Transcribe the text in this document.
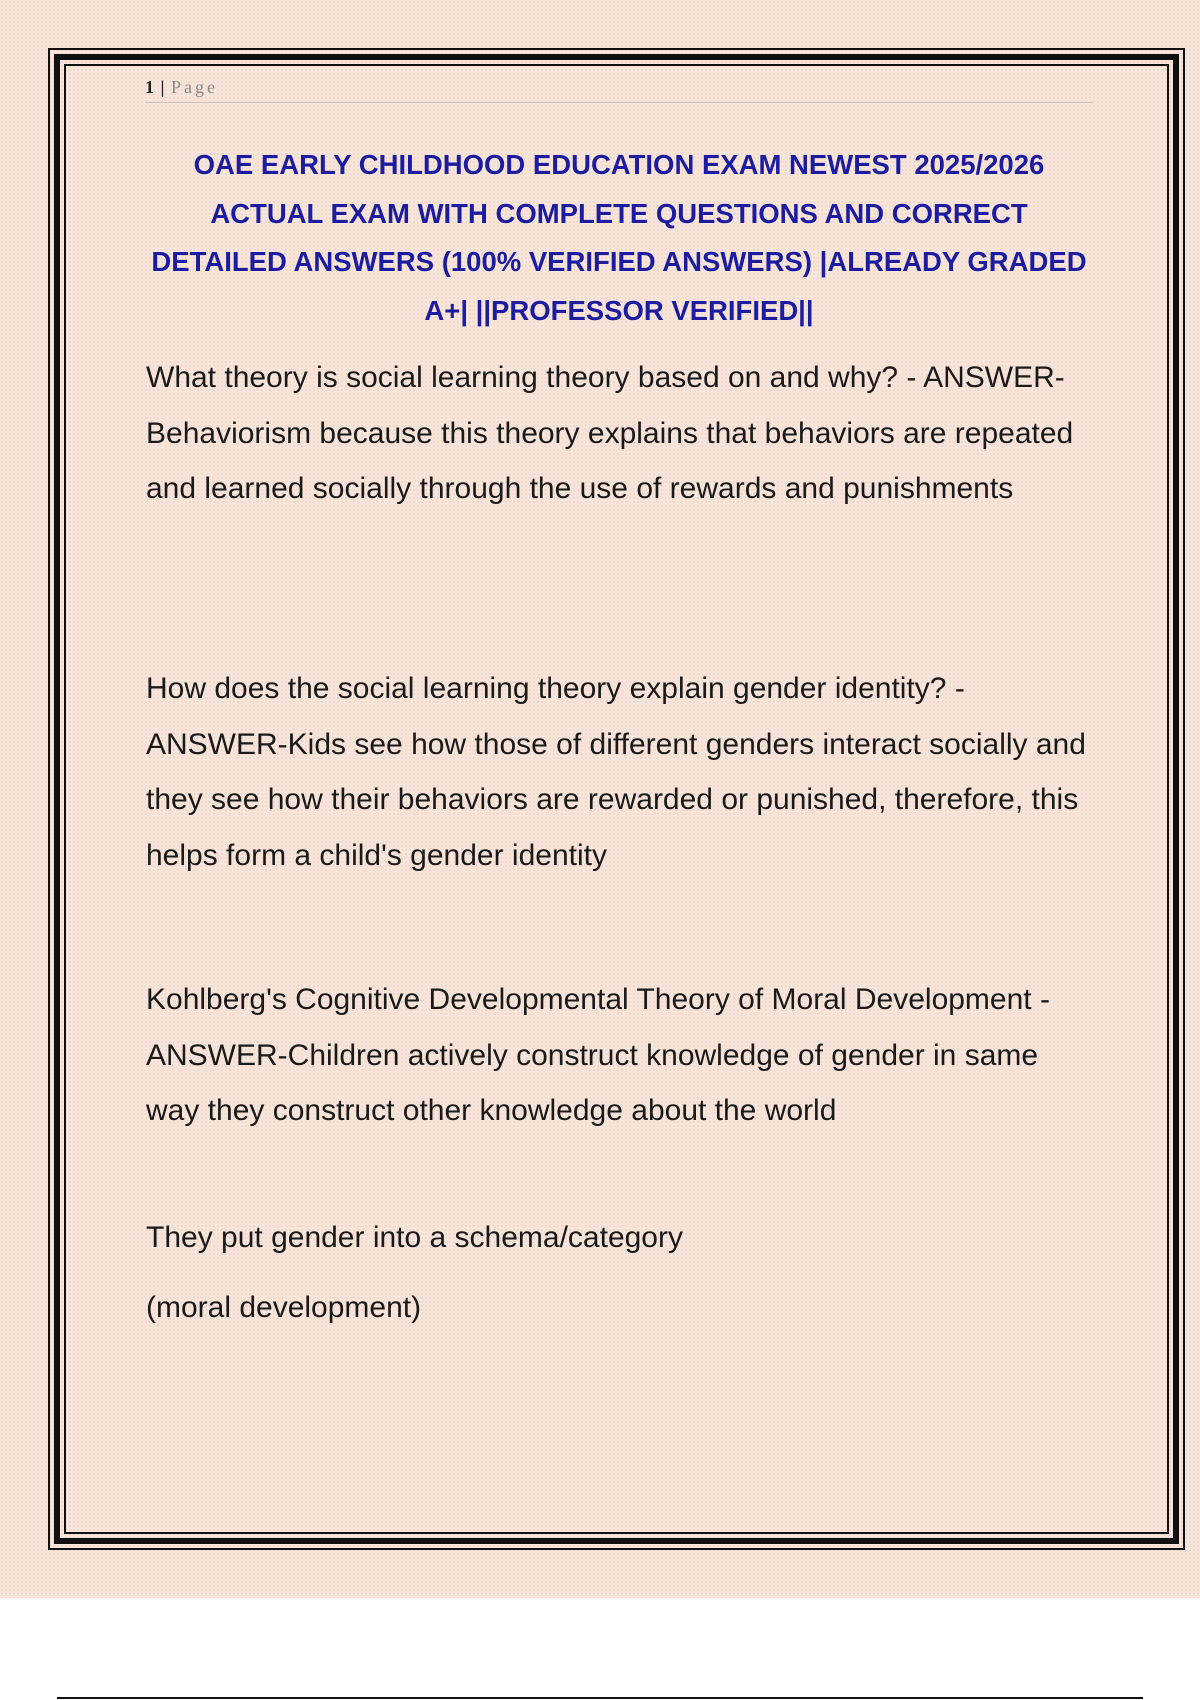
1 | Page
OAE EARLY CHILDHOOD EDUCATION EXAM NEWEST 2025/2026 ACTUAL EXAM WITH COMPLETE QUESTIONS AND CORRECT DETAILED ANSWERS (100% VERIFIED ANSWERS) |ALREADY GRADED A+| ||PROFESSOR VERIFIED||

What theory is social learning theory based on and why? - ANSWER-Behaviorism because this theory explains that behaviors are repeated and learned socially through the use of rewards and punishments

How does the social learning theory explain gender identity? - ANSWER-Kids see how those of different genders interact socially and they see how their behaviors are rewarded or punished, therefore, this helps form a child's gender identity

Kohlberg's Cognitive Developmental Theory of Moral Development - ANSWER-Children actively construct knowledge of gender in same way they construct other knowledge about the world

They put gender into a schema/category

(moral development)
